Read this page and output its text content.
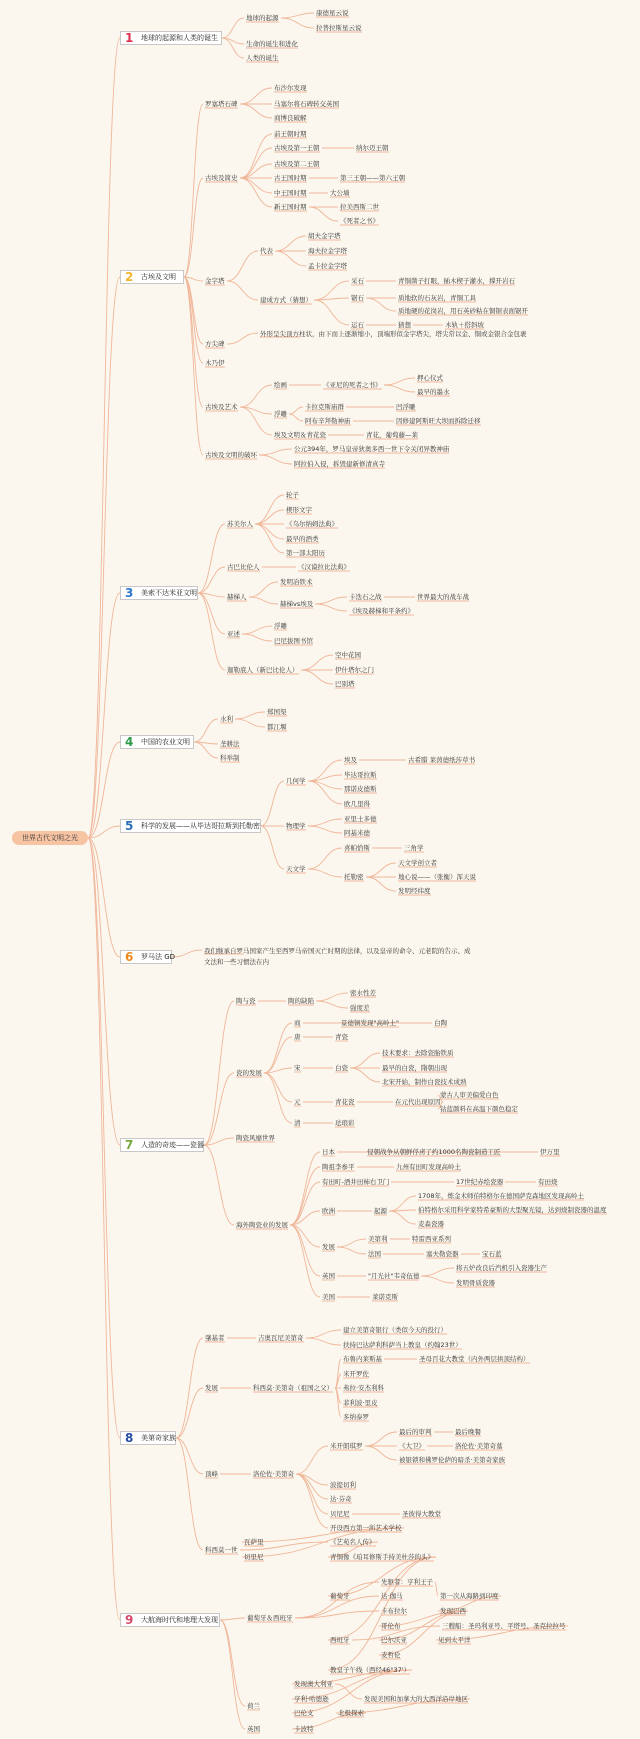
世界古代文明之光
1 地球的起源和人类的诞生
2 古埃及文明
3 美索不达米亚文明
4 中国的农业文明
5 科学的发展——从毕达哥拉斯到托勒密
6 罗马法 GD
7 人造的奇迹——瓷器
8 美第奇家族
9 大航海时代和地理大发现
地球的起源
康德星云说
拉普拉斯星云说
生命的诞生和进化
人类的诞生
罗塞塔石碑
布沙尔发现
马塞尔将石碑转交英国
商博良破解
古埃及简史
前王朝时期
古埃及第一王朝	纳尔迈王朝
古埃及第二王朝
古王国时期	第三王朝——第六王朝
中王国时期	大公墙
新王国时期	拉美西斯二世
《死者之书》
金字塔
代表
胡夫金字塔
海夫拉金字塔
孟卡拉金字塔
建成方式（猜想）
采石	青铜凿子打眼，插木楔子灌水，撑开岩石
锯石	质地软的石灰岩，青铜工具
质地硬的花岗岩，用石英砂粘在铜锯表面锯开
运石	猜想	木轨＋搭斜坡
方尖碑
外形呈尖顶方柱状，由下而上逐渐缩小，顶端形似金字塔尖，塔尖常以金、铜或金银合金包裹
木乃伊
古埃及艺术
绘画	《亚尼的死者之书》
押心仪式
最早的墨水
浮雕
卡拉克斯庙群	凹浮雕
阿布辛拜勒神庙	因修建阿斯旺大坝而拆除迁移
埃及文明＆青花瓷	青花，葡萄藤—莱
古埃及文明的破坏
公元394年，罗马皇帝狄奥多西一世下令关闭异教神庙
阿拉伯入侵，拆毁建新修清真寺
苏美尔人
轮子
楔形文字
《乌尔纳姆法典》
最早的酒类
第一部太阳历
古巴比伦人	《汉谟拉比法典》
赫梯人
发明冶铁术
赫梯vs埃及
卡迭石之战	世界最大的战车战
《埃及赫梯和平条约》
亚述
浮雕
巴尼拔图书馆
迦勒底人（新巴比伦人）
空中花园
伊什塔尔之门
巴别塔
水利
郑国渠
都江堰
垄耕法
科举制
几何学
埃及	古希腊 莱茵德纸莎草书
毕达哥拉斯
那诺皮德斯
欧几里得
物理学
亚里士多德
阿基米德
天文学
喜帕恰斯	三角学
托勒密
天文学创立者
地心说——（张衡）浑天说
发明经纬度
我们继承自罗马国家产生至西罗马帝国灭亡时期的法律，以及皇帝的命令、元老院的告示、成文法和一些习惯法在内
陶与瓷	陶的缺陷
密水性差
强度差
瓷的发展
商	景德镇发现"高岭土"	白陶
唐	青瓷
宋	白瓷
技术要求：去除瓷胎铁质
最早的白瓷，隋朝出现
北宋开始，制作白瓷技术成熟
元	青花瓷	在元代出现原因
蒙古人审美偏爱白色
钴蓝颜料在高温下颜色稳定
清	珐琅彩
陶瓷风靡世界
海外陶瓷业的发展
日本	侵朝战争从朝鲜俘虏了约1000名陶瓷制造工匠	伊万里
陶祖李参平	九州有田町发现高岭土
有田町-酒井田柿右卫门	17世纪赤绘瓷器	有田烧
欧洲	起源
1708年，炼金术师伯特格尔在德国萨克森地区发现高岭土
伯特格尔采用科学家特希豪斯的大型聚光镜，达到烧制瓷器的温度
麦森瓷器
发展
美第利	特雷西亚系列
法国	塞夫勒瓷器	宝石蓝
英国	"月光社"韦奇伍德
将五炉改良后汽机引入瓷器生产
发明骨质瓷器
美国	莱诺克斯
肇基者	吉奥瓦尼美第奇
建立美第奇银行（类似今天的投行）
扶持巴达萨利科萨当上教皇（约翰23世）
发展	科西莫·美第奇（祖国之父）
布鲁内莱斯基	圣母百花大教堂（内外两层拱顶结构）
米开罗佐
弗拉·安杰利科
菲利波·里皮
多纳泰罗
顶峰	洛伦佐·美第奇
米开朗琪罗
最后的审判
《大卫》
最后晚餐
洛伦佐·美第奇墓
被银锁和佛罗伦萨的暗杀·美第奇家族
波提切利
达·芬奇
贝尼尼	圣彼得大教堂
开设西方第一所艺术学校
科西莫一世
瓦萨里	《艺苑名人传》
切里尼	青铜像《珀耳修斯手持美杜莎的头》
葡萄牙＆西班牙
葡萄牙
先驱者：亨利王子
达·伽马	第一次从海路到印度
卡布拉尔	发现巴西
西班牙
哥伦布	三艘船：圣玛利亚号、平塔号、圣克拉拉号
巴尔沃亚	见到太平洋
麦哲伦
教皇子午线（西经46°37'）
荷兰
发现澳大利亚
亨利·哈德逊	发现美国和加拿大的大西洋沿岸地区
巴伦支	北极探索
英国	卡波特
